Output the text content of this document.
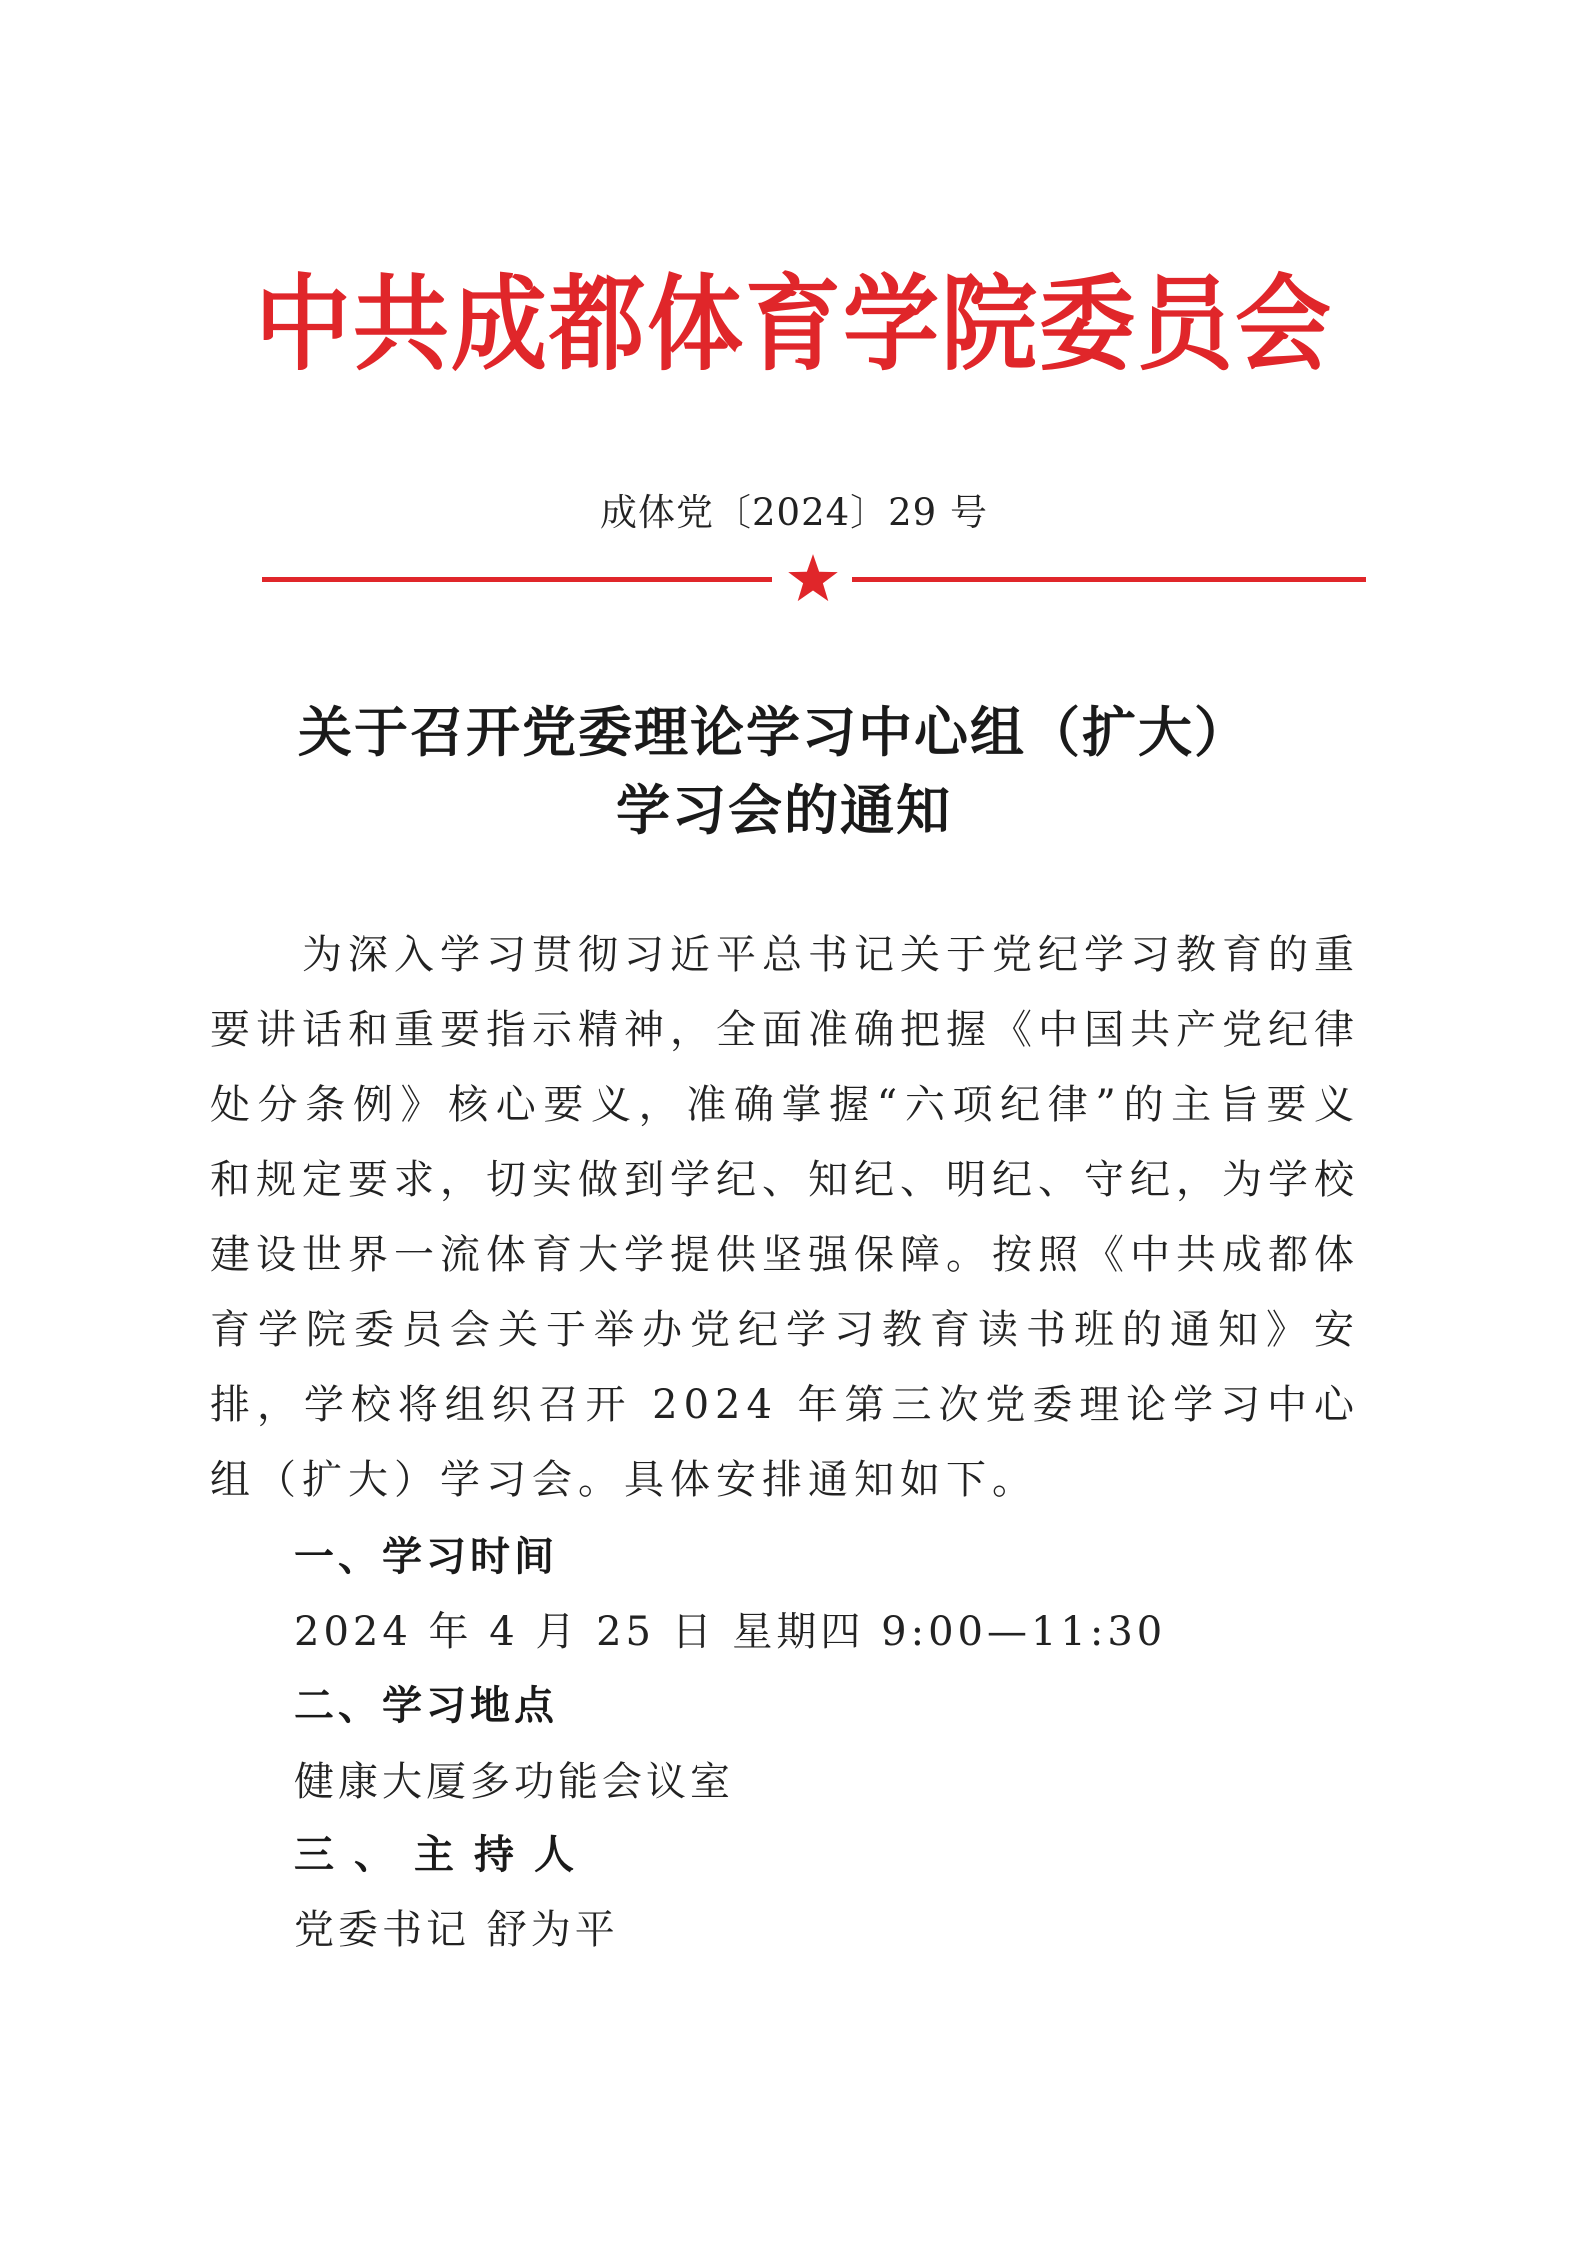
中共成都体育学院委员会
成体党〔2024〕29 号
关于召开党委理论学习中心组（扩大）
学习会的通知
为深入学习贯彻习近平总书记关于党纪学习教育的重要讲话和重要指示精神，全面准确把握《中国共产党纪律处分条例》核心要义，准确掌握“六项纪律”的主旨要义和规定要求，切实做到学纪、知纪、明纪、守纪，为学校建设世界一流体育大学提供坚强保障。按照《中共成都体育学院委员会关于举办党纪学习教育读书班的通知》安排，学校将组织召开 2024 年第三次党委理论学习中心组（扩大）学习会。具体安排通知如下。
一、学习时间
2024 年 4 月 25 日 星期四 9:00—11:30
二、学习地点
健康大厦多功能会议室
三、主持人
党委书记 舒为平
